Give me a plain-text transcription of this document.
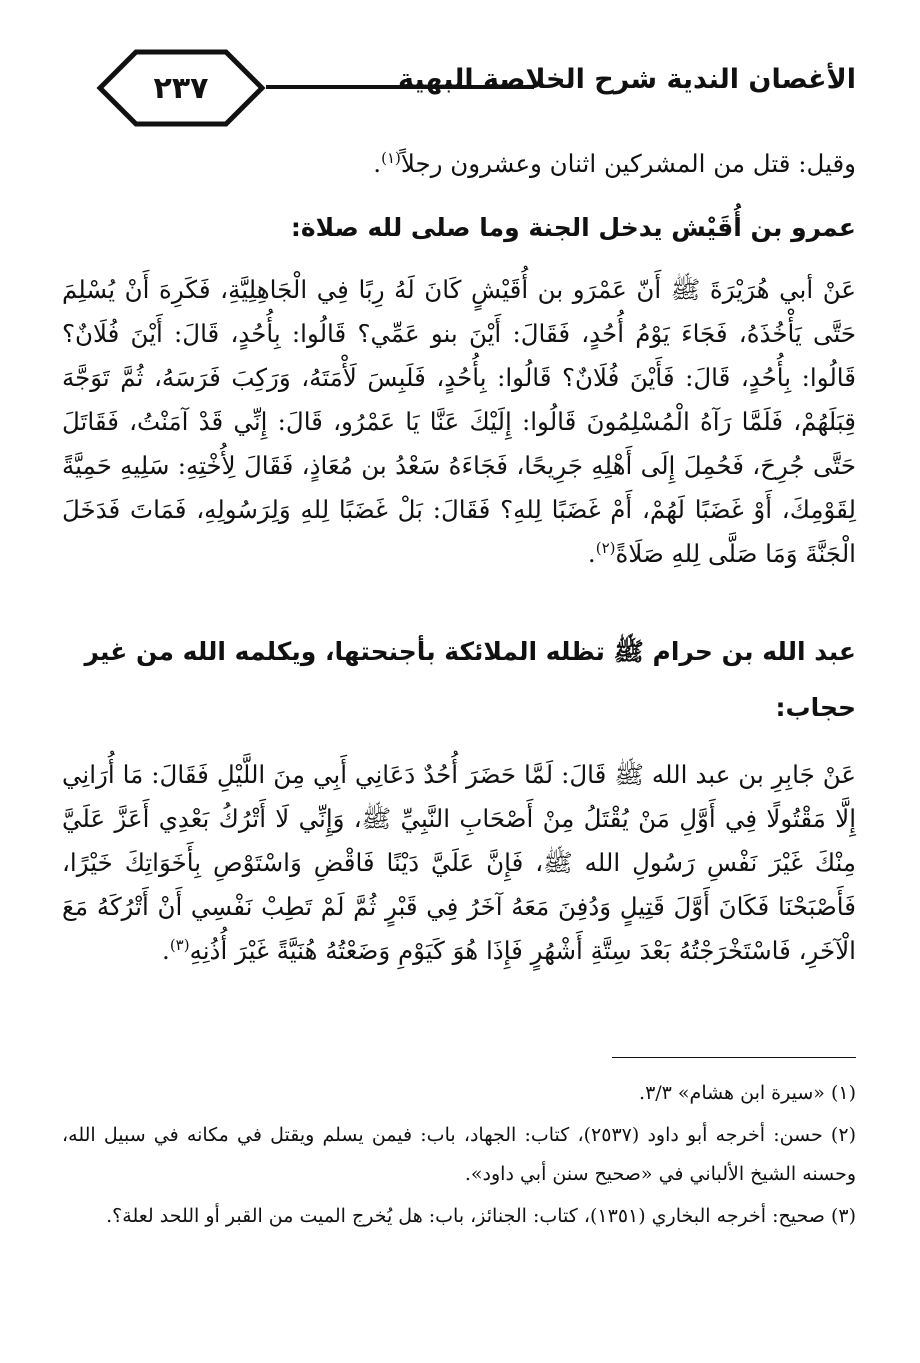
٢٣٧	الأغصان الندية شرح الخلاصة البهية

وقيل: قتل من المشركين اثنان وعشرون رجلاً$^{(١)}$.

عمرو بن أُقَيْش يدخل الجنة وما صلى لله صلاة:

عَنْ أبي هُرَيْرَةَ ﷺ أَنّ عَمْرَو بن أُقَيْشٍ كَانَ لَهُ رِبًا فِي الْجَاهِلِيَّةِ، فَكَرِهَ أَنْ يُسْلِمَ حَتَّى يَأْخُذَهُ، فَجَاءَ يَوْمُ أُحُدٍ، فَقَالَ: أَيْنَ بنو عَمِّي؟ قَالُوا: بِأُحُدٍ، قَالَ: أَيْنَ فُلَانٌ؟ قَالُوا: بِأُحُدٍ، قَالَ: فَأَيْنَ فُلَانٌ؟ قَالُوا: بِأُحُدٍ، فَلَبِسَ لَأْمَتَهُ، وَرَكِبَ فَرَسَهُ، ثُمَّ تَوَجَّهَ قِبَلَهُمْ، فَلَمَّا رَآهُ الْمُسْلِمُونَ قَالُوا: إِلَيْكَ عَنَّا يَا عَمْرُو، قَالَ: إِنِّي قَدْ آمَنْتُ، فَقَاتَلَ حَتَّى جُرِحَ، فَحُمِلَ إِلَى أَهْلِهِ جَرِيحًا، فَجَاءَهُ سَعْدُ بن مُعَاذٍ، فَقَالَ لِأُخْتِهِ: سَلِيهِ حَمِيَّةً لِقَوْمِكَ، أَوْ غَضَبًا لَهُمْ، أَمْ غَضَبًا لِلهِ؟ فَقَالَ: بَلْ غَضَبًا لِلهِ وَلِرَسُولِهِ، فَمَاتَ فَدَخَلَ الْجَنَّةَ وَمَا صَلَّى لِلهِ صَلَاةً$^{(٢)}$.

عبد الله بن حرام ﷺ تظله الملائكة بأجنحتها، ويكلمه الله من غير حجاب:

عَنْ جَابِرِ بن عبد الله ﷺ قَالَ: لَمَّا حَضَرَ أُحُدٌ دَعَانِي أَبِي مِنَ اللَّيْلِ فَقَالَ: مَا أُرَانِي إِلَّا مَقْتُولًا فِي أَوَّلِ مَنْ يُقْتَلُ مِنْ أَصْحَابِ النَّبِيِّ ﷺ، وَإِنِّي لَا أَتْرُكُ بَعْدِي أَعَزَّ عَلَيَّ مِنْكَ غَيْرَ نَفْسِ رَسُولِ الله ﷺ، فَإِنَّ عَلَيَّ دَيْنًا فَاقْضِ وَاسْتَوْصِ بِأَخَوَاتِكَ خَيْرًا، فَأَصْبَحْنَا فَكَانَ أَوَّلَ قَتِيلٍ وَدُفِنَ مَعَهُ آخَرُ فِي قَبْرٍ ثُمَّ لَمْ تَطِبْ نَفْسِي أَنْ أَتْرُكَهُ مَعَ الْآخَرِ، فَاسْتَخْرَجْتُهُ بَعْدَ سِتَّةِ أَشْهُرٍ فَإِذَا هُوَ كَيَوْمِ وَضَعْتُهُ هُنَيَّةً غَيْرَ أُذُنِهِ$^{(٣)}$.

(١) «سيرة ابن هشام» ٣/٣.

(٢) حسن: أخرجه أبو داود (٢٥٣٧)، كتاب: الجهاد، باب: فيمن يسلم ويقتل في مكانه في سبيل الله، وحسنه الشيخ الألباني في «صحيح سنن أبي داود».

(٣) صحيح: أخرجه البخاري (١٣٥١)، كتاب: الجنائز، باب: هل يُخرج الميت من القبر أو اللحد لعلة؟.
